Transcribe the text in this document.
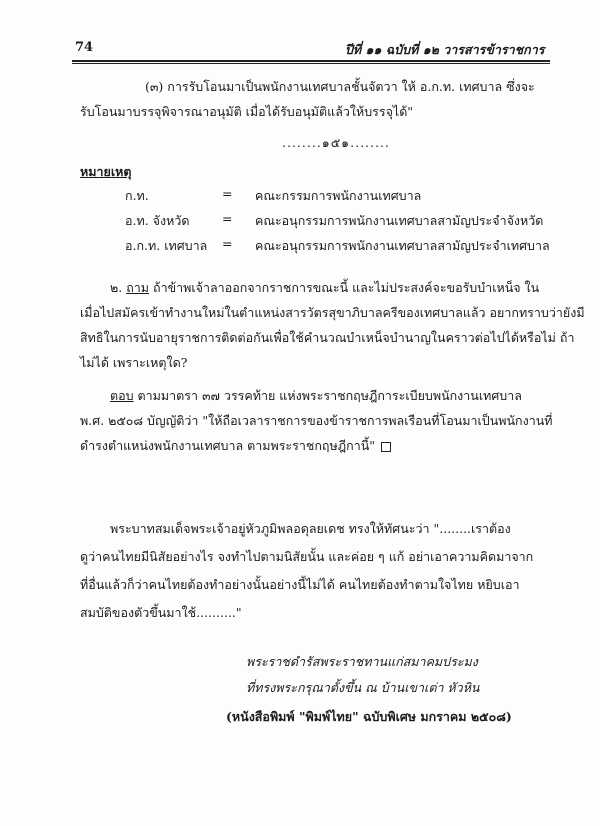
74	ปีที่ ๑๑ ฉบับที่ ๑๒ วารสารข้าราชการ
(๓) การรับโอนมาเป็นพนักงานเทศบาลชั้นจัตวา ให้ อ.ก.ท. เทศบาล ซึ่งจะ
รับโอนมาบรรจุพิจารณาอนุมัติ เมื่อได้รับอนุมัติแล้วให้บรรจุได้"
........๑๕๑........
หมายเหตุ
ก.ท.	= คณะกรรมการพนักงานเทศบาล
อ.ท. จังหวัด	= คณะอนุกรรมการพนักงานเทศบาลสามัญประจำจังหวัด
อ.ก.ท. เทศบาล = คณะอนุกรรมการพนักงานเทศบาลสามัญประจำเทศบาล
๒. ถาม ถ้าข้าพเจ้าลาออกจากราชการขณะนี้ และไม่ประสงค์จะขอรับบำเหน็จ ใน
เมื่อไปสมัครเข้าทำงานใหม่ในตำแหน่งสารวัตรสุขาภิบาลครีของเทศบาลแล้ว อยากทราบว่ายังมี
สิทธิในการนับอายุราชการติดต่อกันเพื่อใช้คำนวณบำเหน็จบำนาญในคราวต่อไปได้หรือไม่ ถ้า
ไม่ได้ เพราะเหตุใด?
ตอบ ตามมาตรา ๓๗ วรรคท้าย แห่งพระราชกฤษฎีการะเบียบพนักงานเทศบาล
พ.ศ. ๒๕๐๘ บัญญัติว่า "ให้ถือเวลาราชการของข้าราชการพลเรือนที่โอนมาเป็นพนักงานที่
ดำรงตำแหน่งพนักงานเทศบาล ตามพระราชกฤษฎีกานี้"
พระบาทสมเด็จพระเจ้าอยู่หัวภูมิพลอดุลยเดช ทรงให้ทัศนะว่า "........เราต้อง
ดูว่าคนไทยมีนิสัยอย่างไร จงทำไปตามนิสัยนั้น และค่อย ๆ แก้ อย่าเอาความคิดมาจาก
ที่อื่นแล้วก็ว่าคนไทยต้องทำอย่างนั้นอย่างนี้ไม่ได้ คนไทยต้องทำตามใจไทย หยิบเอา
สมบัติของตัวขึ้นมาใช้.........."
พระราชดำรัสพระราชทานแก่สมาคมประมง
ที่ทรงพระกรุณาตั้งขึ้น ณ บ้านเขาเต่า หัวหิน
(หนังสือพิมพ์ "พิมพ์ไทย" ฉบับพิเศษ มกราคม ๒๕๐๘)
